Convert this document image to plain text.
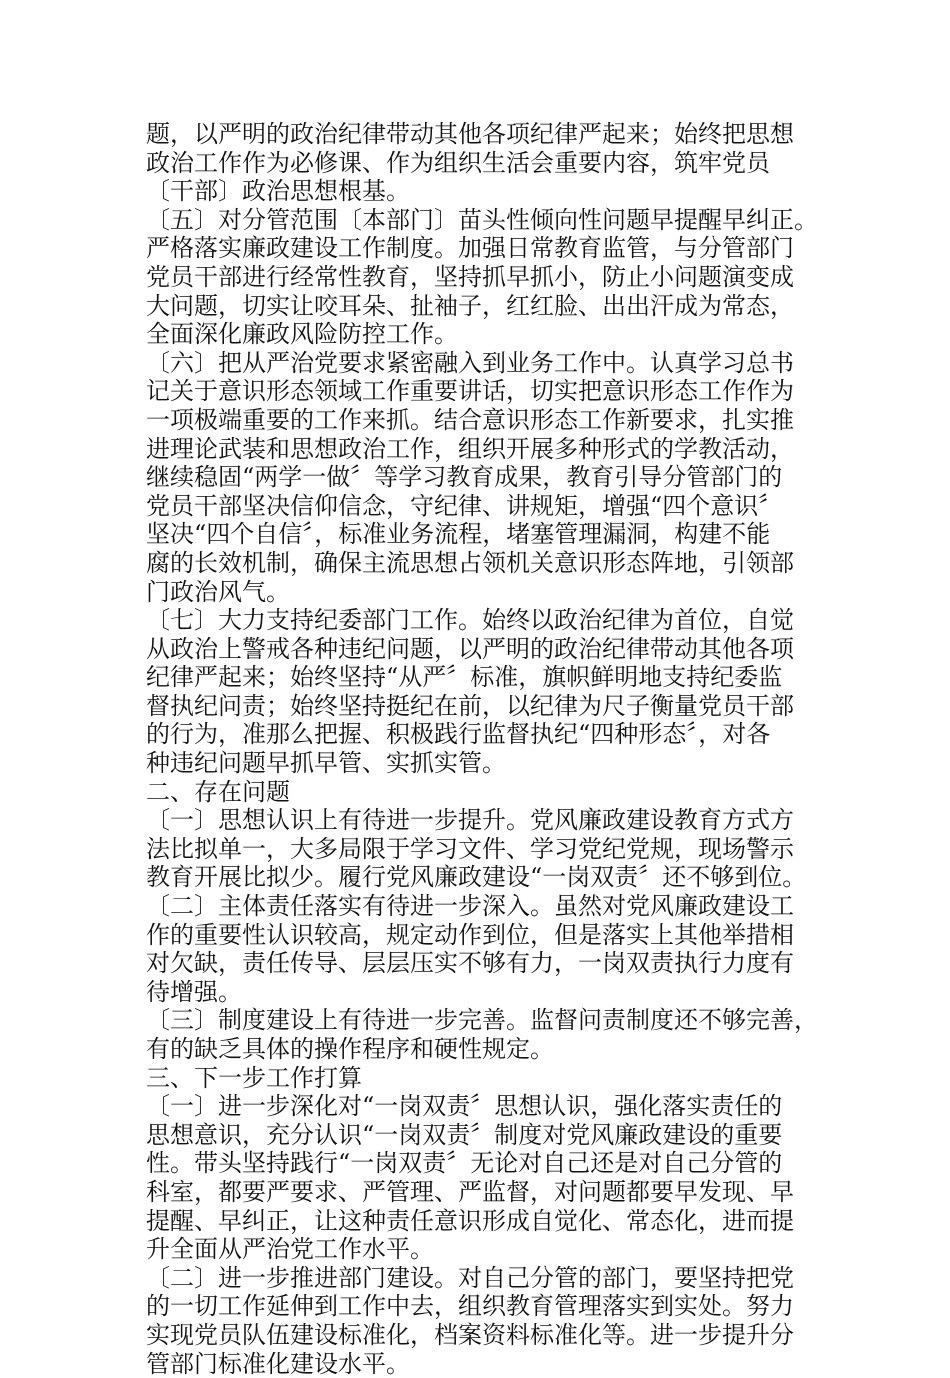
题，以严明的政治纪律带动其他各项纪律严起来；始终把思想
政治工作作为必修课、作为组织生活会重要内容，筑牢党员
〔干部〕政治思想根基。
〔五〕对分管范围〔本部门〕苗头性倾向性问题早提醒早纠正。
严格落实廉政建设工作制度。加强日常教育监管，与分管部门
党员干部进行经常性教育，坚持抓早抓小，防止小问题演变成
大问题，切实让咬耳朵、扯袖子，红红脸、出出汗成为常态，
全面深化廉政风险防控工作。
〔六〕把从严治党要求紧密融入到业务工作中。认真学习总书
记关于意识形态领域工作重要讲话，切实把意识形态工作作为
一项极端重要的工作来抓。结合意识形态工作新要求，扎实推
进理论武装和思想政治工作，组织开展多种形式的学教活动，
继续稳固“两学一做〞等学习教育成果，教育引导分管部门的
党员干部坚决信仰信念，守纪律、讲规矩，增强“四个意识〞
坚决“四个自信〞，标准业务流程，堵塞管理漏洞，构建不能
腐的长效机制，确保主流思想占领机关意识形态阵地，引领部
门政治风气。
〔七〕大力支持纪委部门工作。始终以政治纪律为首位，自觉
从政治上警戒各种违纪问题，以严明的政治纪律带动其他各项
纪律严起来；始终坚持“从严〞标准，旗帜鲜明地支持纪委监
督执纪问责；始终坚持挺纪在前，以纪律为尺子衡量党员干部
的行为，准那么把握、积极践行监督执纪“四种形态〞，对各
种违纪问题早抓早管、实抓实管。
二、存在问题
〔一〕思想认识上有待进一步提升。党风廉政建设教育方式方
法比拟单一，大多局限于学习文件、学习党纪党规，现场警示
教育开展比拟少。履行党风廉政建设“一岗双责〞还不够到位。
〔二〕主体责任落实有待进一步深入。虽然对党风廉政建设工
作的重要性认识较高，规定动作到位，但是落实上其他举措相
对欠缺，责任传导、层层压实不够有力，一岗双责执行力度有
待增强。
〔三〕制度建设上有待进一步完善。监督问责制度还不够完善，
有的缺乏具体的操作程序和硬性规定。
三、下一步工作打算
〔一〕进一步深化对“一岗双责〞思想认识，强化落实责任的
思想意识，充分认识“一岗双责〞制度对党风廉政建设的重要
性。带头坚持践行“一岗双责〞无论对自己还是对自己分管的
科室，都要严要求、严管理、严监督，对问题都要早发现、早
提醒、早纠正，让这种责任意识形成自觉化、常态化，进而提
升全面从严治党工作水平。
〔二〕进一步推进部门建设。对自己分管的部门，要坚持把党
的一切工作延伸到工作中去，组织教育管理落实到实处。努力
实现党员队伍建设标准化，档案资料标准化等。进一步提升分
管部门标准化建设水平。
